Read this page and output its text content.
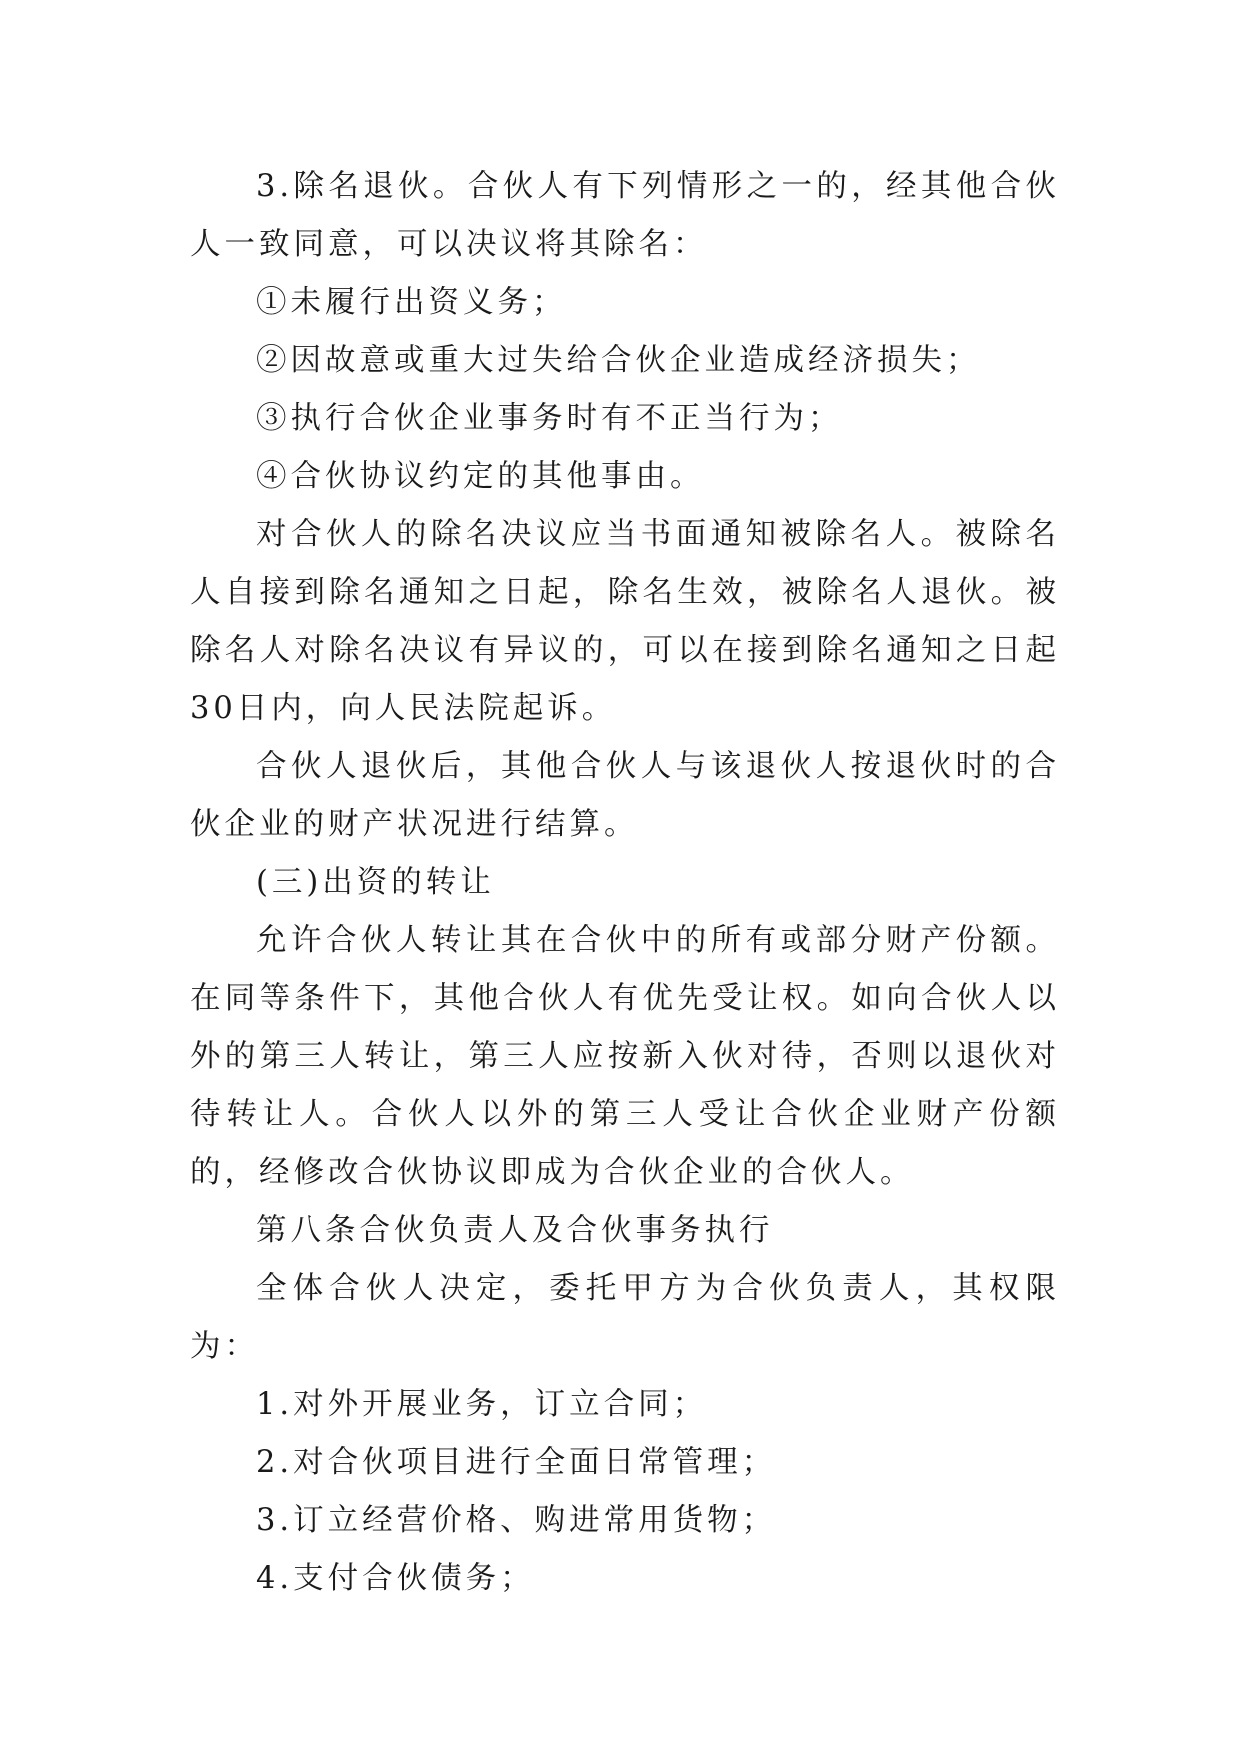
3.除名退伙。合伙人有下列情形之一的，经其他合伙人一致同意，可以决议将其除名：

①未履行出资义务；

②因故意或重大过失给合伙企业造成经济损失；

③执行合伙企业事务时有不正当行为；

④合伙协议约定的其他事由。

对合伙人的除名决议应当书面通知被除名人。被除名人自接到除名通知之日起，除名生效，被除名人退伙。被除名人对除名决议有异议的，可以在接到除名通知之日起30日内，向人民法院起诉。

合伙人退伙后，其他合伙人与该退伙人按退伙时的合伙企业的财产状况进行结算。

(三)出资的转让

允许合伙人转让其在合伙中的所有或部分财产份额。在同等条件下，其他合伙人有优先受让权。如向合伙人以外的第三人转让，第三人应按新入伙对待，否则以退伙对待转让人。合伙人以外的第三人受让合伙企业财产份额的，经修改合伙协议即成为合伙企业的合伙人。

第八条合伙负责人及合伙事务执行

全体合伙人决定，委托甲方为合伙负责人，其权限为：

1.对外开展业务，订立合同；

2.对合伙项目进行全面日常管理；

3.订立经营价格、购进常用货物；

4.支付合伙债务；
